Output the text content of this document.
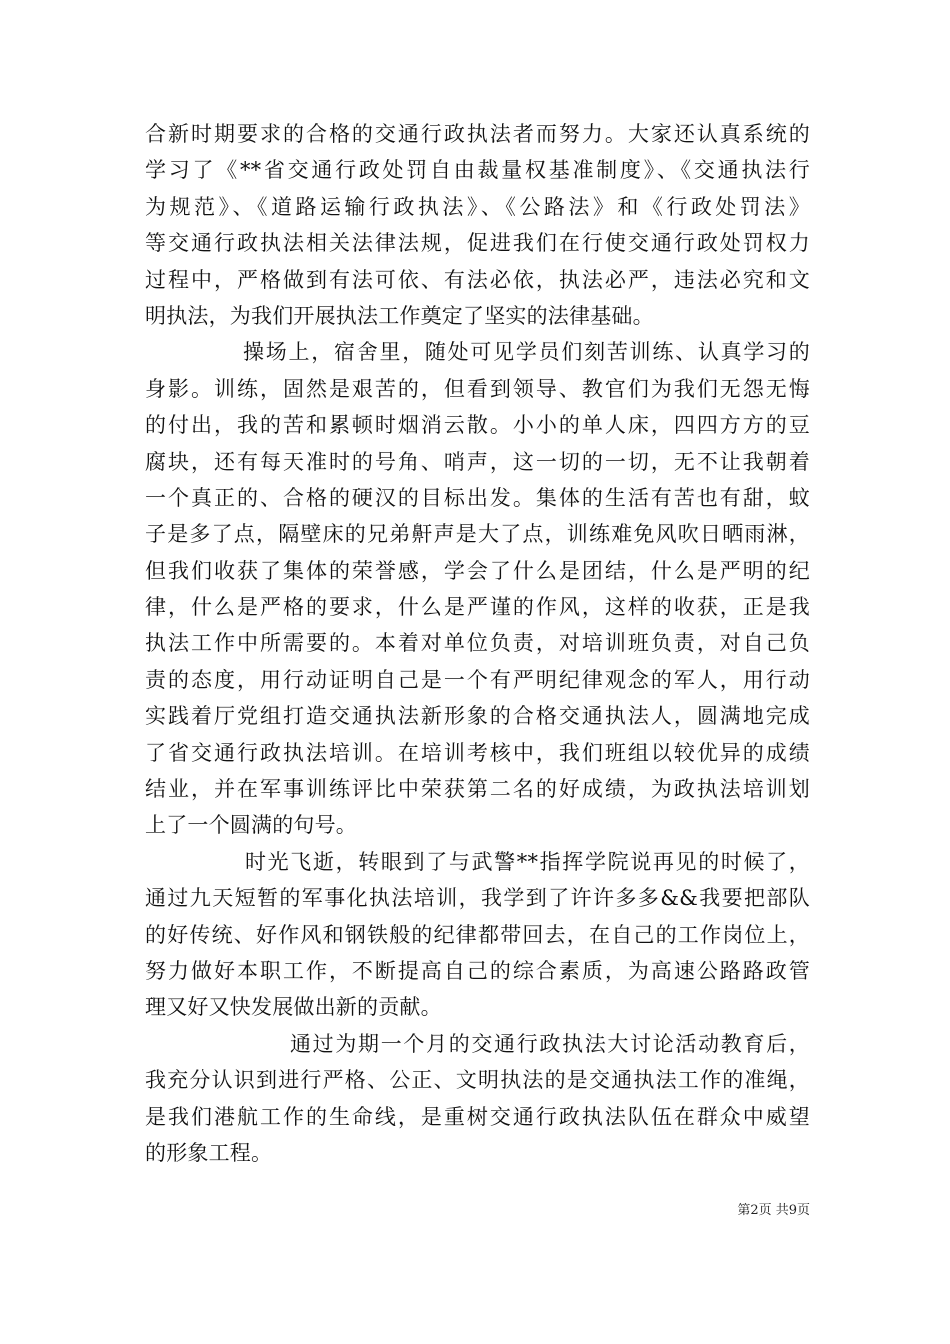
合新时期要求的合格的交通行政执法者而努力。大家还认真系统的
学习了《**省交通行政处罚自由裁量权基准制度》、《交通执法行
为规范》、《道路运输行政执法》、《公路法》和《行政处罚法》
等交通行政执法相关法律法规，促进我们在行使交通行政处罚权力
过程中，严格做到有法可依、有法必依，执法必严，违法必究和文
明执法，为我们开展执法工作奠定了坚实的法律基础。
操场上，宿舍里，随处可见学员们刻苦训练、认真学习的
身影。训练，固然是艰苦的，但看到领导、教官们为我们无怨无悔
的付出，我的苦和累顿时烟消云散。小小的单人床，四四方方的豆
腐块，还有每天准时的号角、哨声，这一切的一切，无不让我朝着
一个真正的、合格的硬汉的目标出发。集体的生活有苦也有甜，蚊
子是多了点，隔壁床的兄弟鼾声是大了点，训练难免风吹日晒雨淋，
但我们收获了集体的荣誉感，学会了什么是团结，什么是严明的纪
律，什么是严格的要求，什么是严谨的作风，这样的收获，正是我
执法工作中所需要的。本着对单位负责，对培训班负责，对自己负
责的态度，用行动证明自己是一个有严明纪律观念的军人，用行动
实践着厅党组打造交通执法新形象的合格交通执法人，圆满地完成
了省交通行政执法培训。在培训考核中，我们班组以较优异的成绩
结业，并在军事训练评比中荣获第二名的好成绩，为政执法培训划
上了一个圆满的句号。
时光飞逝，转眼到了与武警**指挥学院说再见的时候了，
通过九天短暂的军事化执法培训，我学到了许许多多&&我要把部队
的好传统、好作风和钢铁般的纪律都带回去，在自己的工作岗位上，
努力做好本职工作，不断提高自己的综合素质，为高速公路路政管
理又好又快发展做出新的贡献。
通过为期一个月的交通行政执法大讨论活动教育后，
我充分认识到进行严格、公正、文明执法的是交通执法工作的准绳，
是我们港航工作的生命线，是重树交通行政执法队伍在群众中威望
的形象工程。
第2页 共9页
